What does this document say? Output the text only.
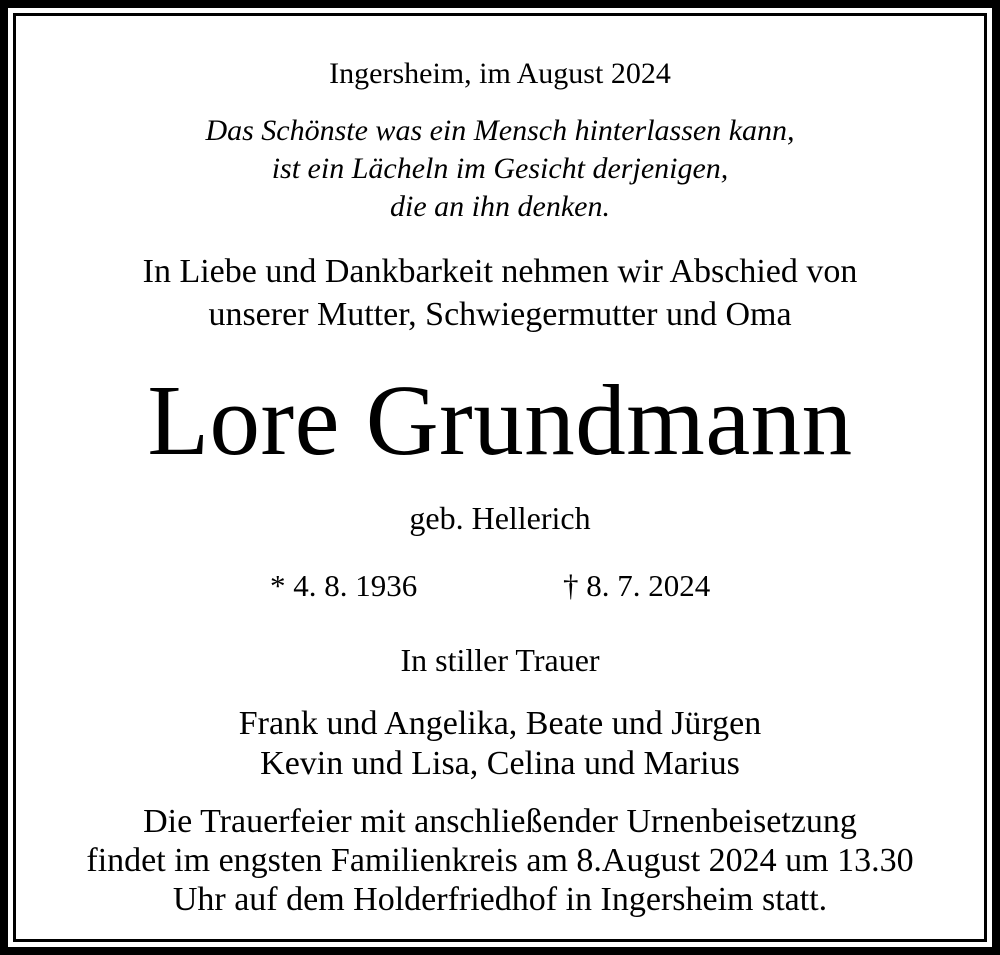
Ingersheim, im August 2024
Das Schönste was ein Mensch hinterlassen kann,
ist ein Lächeln im Gesicht derjenigen,
die an ihn denken.
In Liebe und Dankbarkeit nehmen wir Abschied von
unserer Mutter, Schwiegermutter und Oma
Lore Grundmann
geb. Hellerich
* 4. 8. 1936	† 8. 7. 2024
In stiller Trauer
Frank und Angelika, Beate und Jürgen
Kevin und Lisa, Celina und Marius
Die Trauerfeier mit anschließender Urnenbeisetzung
findet im engsten Familienkreis am 8.August 2024 um 13.30
Uhr auf dem Holderfriedhof in Ingersheim statt.
